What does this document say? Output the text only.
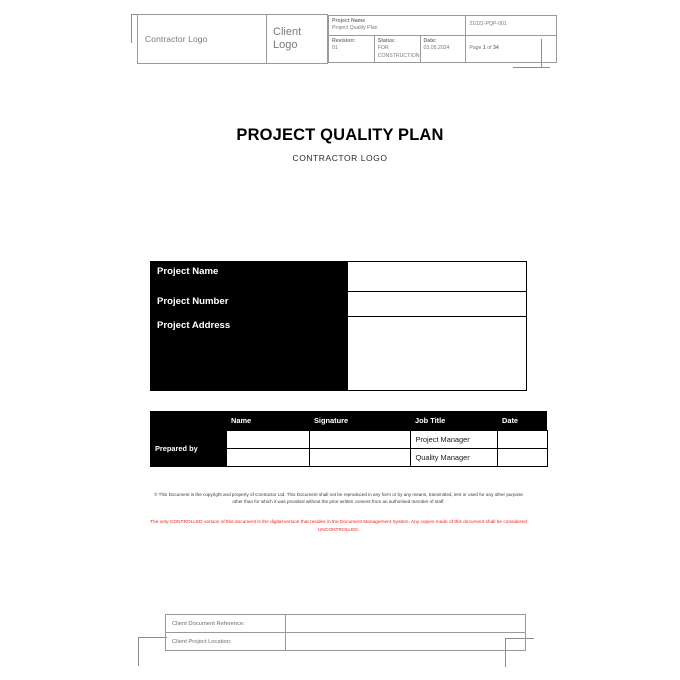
Contractor Logo	
Client
Logo

Project Name
Project Quality Plan
	21022-PQP-001

Revision:
01

Status:
FOR CONSTRUCTION

Date:
03.05.2024	Page 1 of 34
PROJECT QUALITY PLAN
CONTRACTOR LOGO
Project Name	
Project Number	
Project Address	
	Name	Signature	Job Title	Date
Prepared by			Project Manager	
			Quality Manager	
© This Document is the copyright and property of Contractor Ltd. This Document shall not be reproduced in any form or by any means, transmitted, lent or used for any other purpose other than for which it was provided without the prior written consent from an authorised member of staff.
The only CONTROLLED version of this document is the digital version that resides in the Document Management System. Any copies made of this document shall be considered UNCONTROLLED.
Client Document Reference:	
Client Project Location:	
